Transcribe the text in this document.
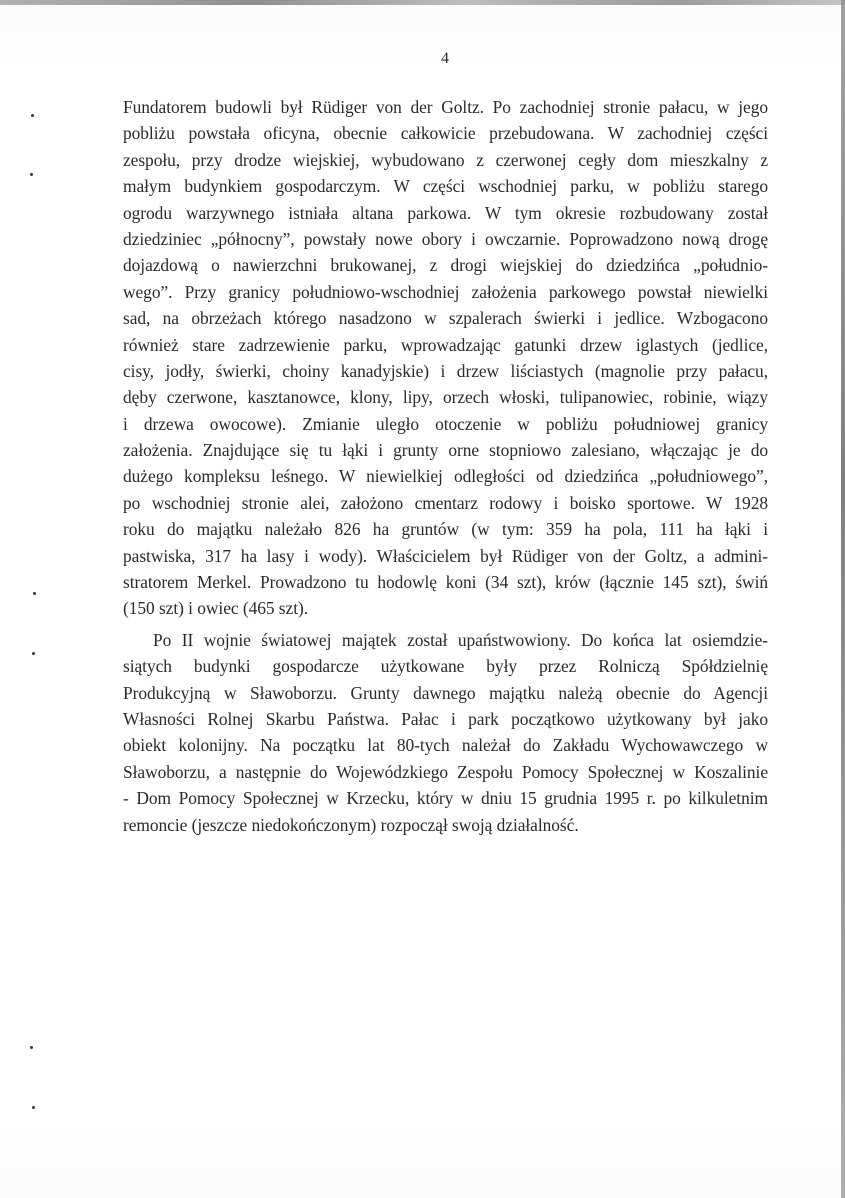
4
Fundatorem budowli był Rüdiger von der Goltz. Po zachodniej stronie pałacu, w jego
pobliżu powstała oficyna, obecnie całkowicie przebudowana. W zachodniej części
zespołu, przy drodze wiejskiej, wybudowano z czerwonej cegły dom mieszkalny z
małym budynkiem gospodarczym. W części wschodniej parku, w pobliżu starego
ogrodu warzywnego istniała altana parkowa. W tym okresie rozbudowany został
dziedziniec „północny”, powstały nowe obory i owczarnie. Poprowadzono nową drogę
dojazdową o nawierzchni brukowanej, z drogi wiejskiej do dziedzińca „południo-
wego”. Przy granicy południowo-wschodniej założenia parkowego powstał niewielki
sad, na obrzeżach którego nasadzono w szpalerach świerki i jedlice. Wzbogacono
również stare zadrzewienie parku, wprowadzając gatunki drzew iglastych (jedlice,
cisy, jodły, świerki, choiny kanadyjskie) i drzew liściastych (magnolie przy pałacu,
dęby czerwone, kasztanowce, klony, lipy, orzech włoski, tulipanowiec, robinie, wiązy
i drzewa owocowe). Zmianie uległo otoczenie w pobliżu południowej granicy
założenia. Znajdujące się tu łąki i grunty orne stopniowo zalesiano, włączając je do
dużego kompleksu leśnego. W niewielkiej odległości od dziedzińca „południowego”,
po wschodniej stronie alei, założono cmentarz rodowy i boisko sportowe. W 1928
roku do majątku należało 826 ha gruntów (w tym: 359 ha pola, 111 ha łąki i
pastwiska, 317 ha lasy i wody). Właścicielem był Rüdiger von der Goltz, a admini-
stratorem Merkel. Prowadzono tu hodowlę koni (34 szt), krów (łącznie 145 szt), świń
(150 szt) i owiec (465 szt).
Po II wojnie światowej majątek został upaństwowiony. Do końca lat osiemdzie-
siątych budynki gospodarcze użytkowane były przez Rolniczą Spółdzielnię
Produkcyjną w Sławoborzu. Grunty dawnego majątku należą obecnie do Agencji
Własności Rolnej Skarbu Państwa. Pałac i park początkowo użytkowany był jako
obiekt kolonijny. Na początku lat 80-tych należał do Zakładu Wychowawczego w
Sławoborzu, a następnie do Wojewódzkiego Zespołu Pomocy Społecznej w Koszalinie
- Dom Pomocy Społecznej w Krzecku, który w dniu 15 grudnia 1995 r. po kilkuletnim
remoncie (jeszcze niedokończonym) rozpoczął swoją działalność.
